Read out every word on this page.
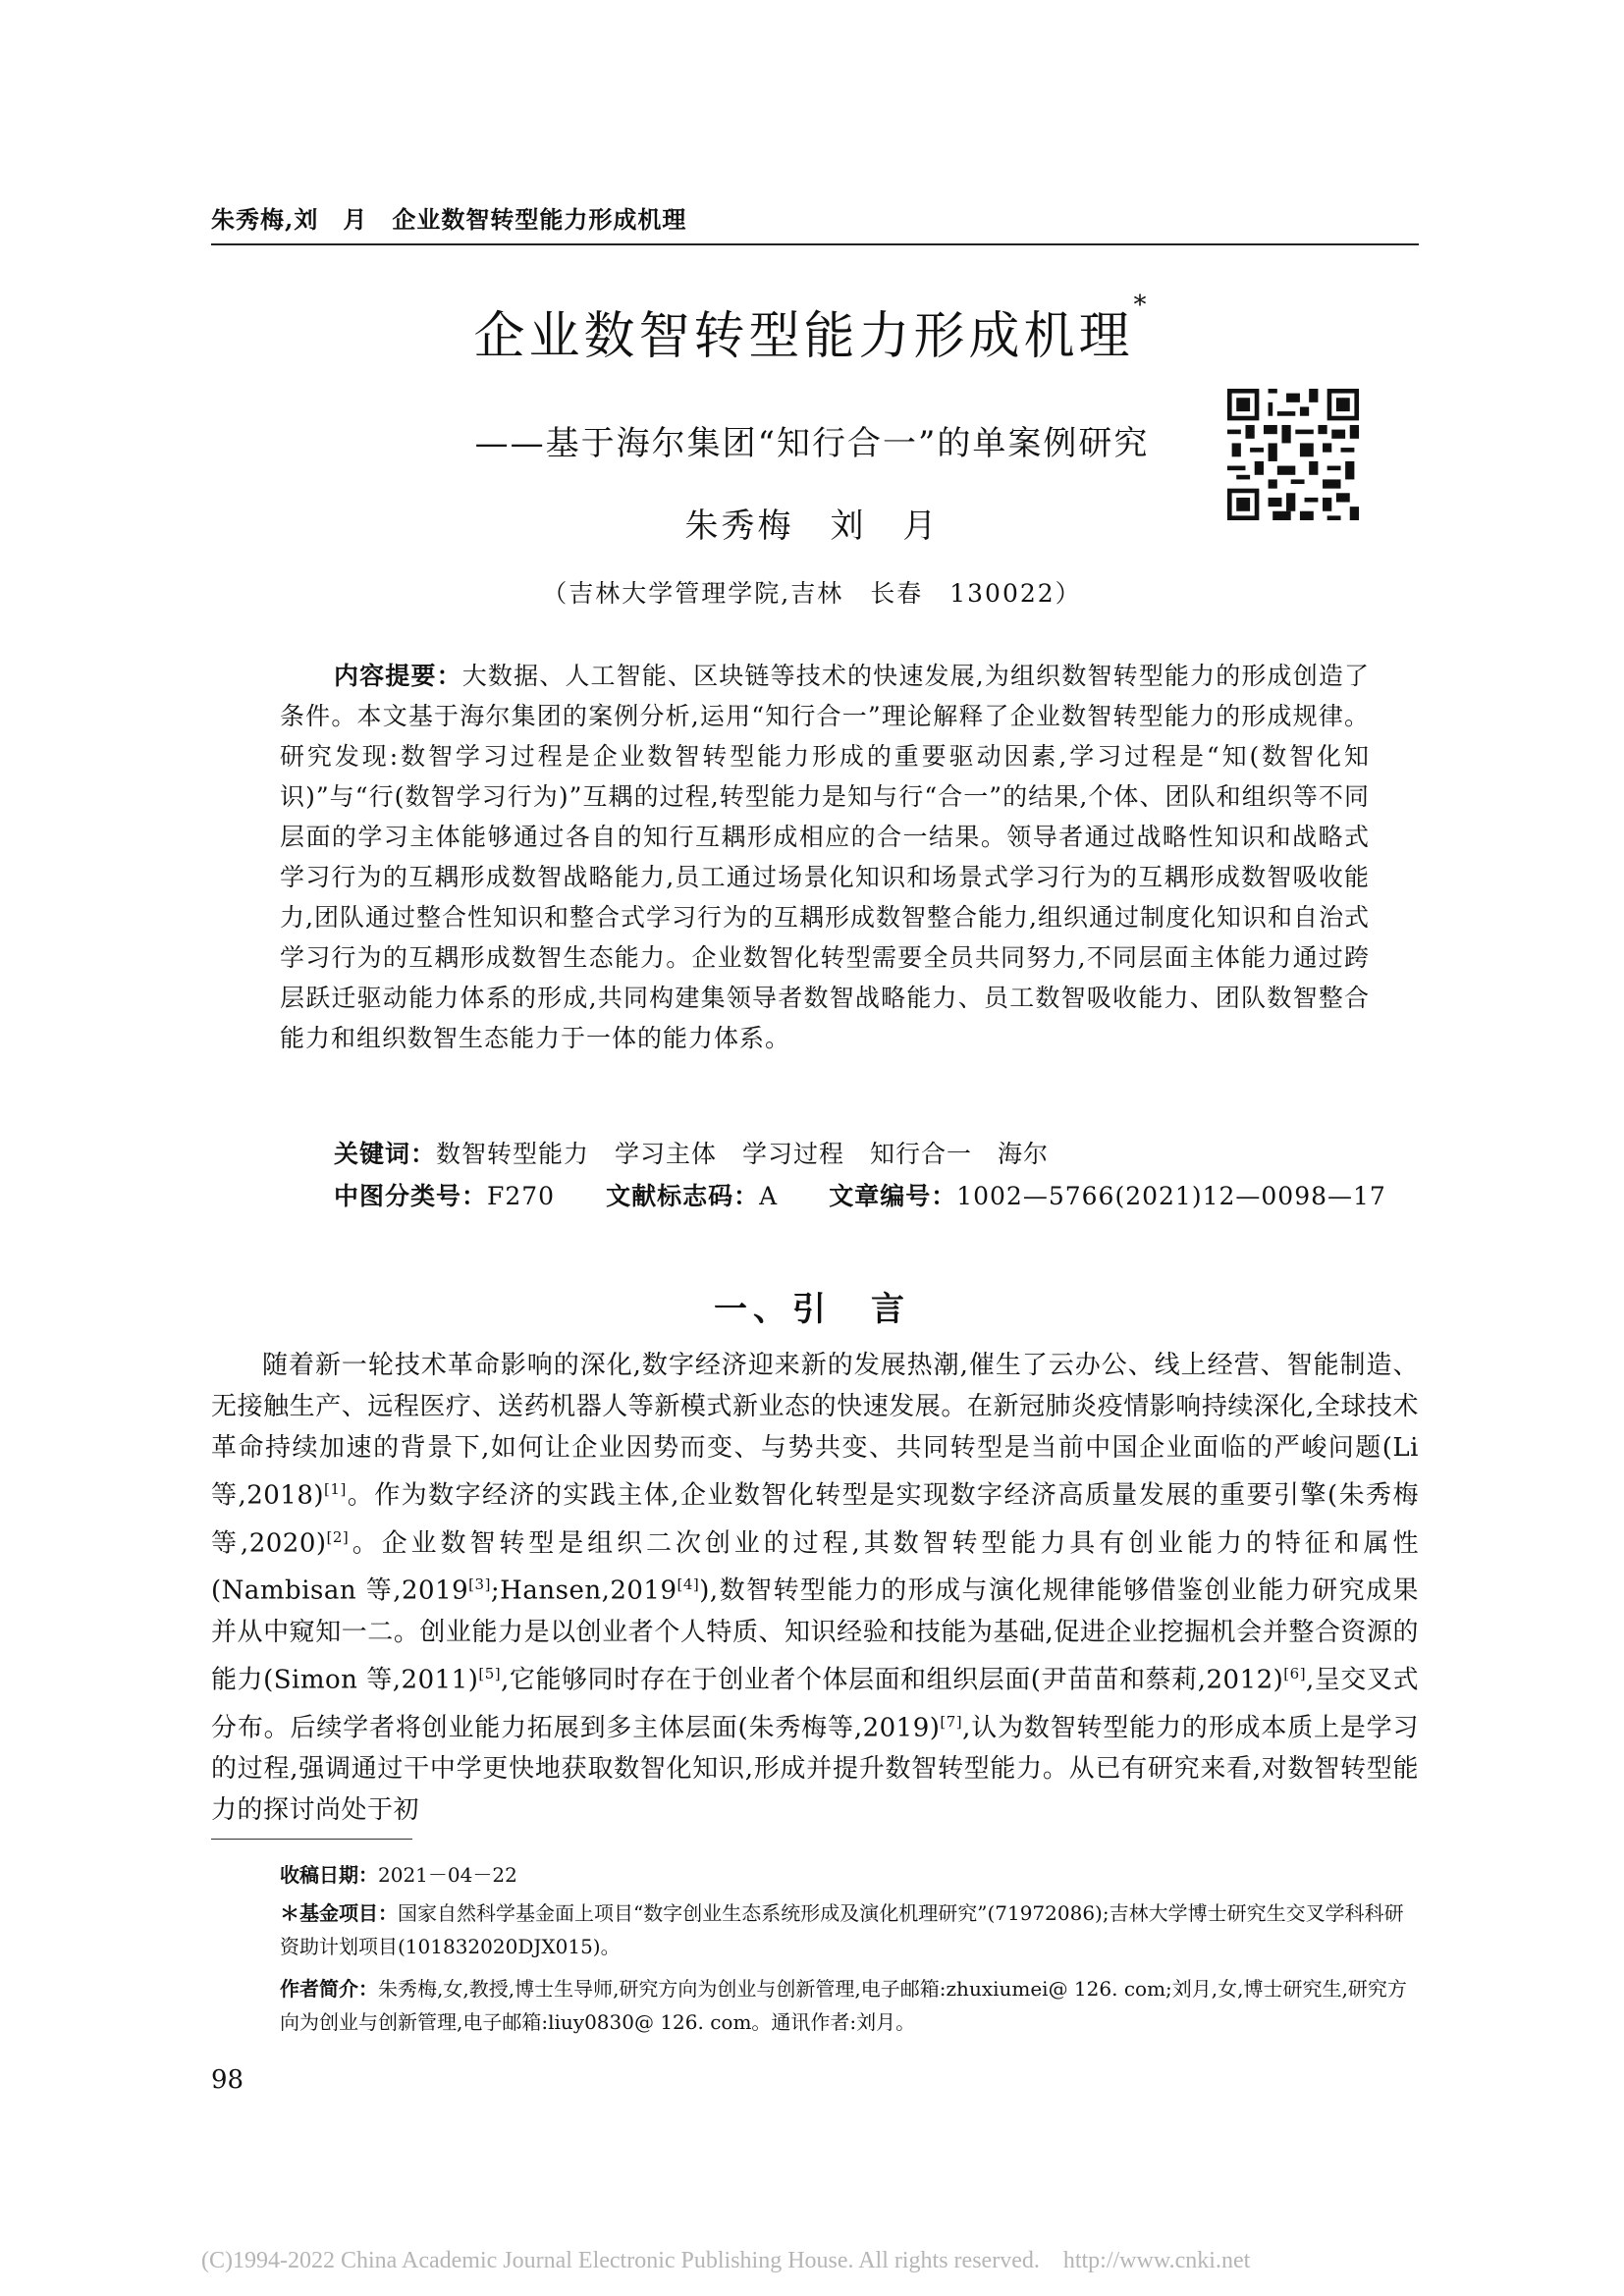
朱秀梅,刘　月　企业数智转型能力形成机理
企业数智转型能力形成机理*
——基于海尔集团“知行合一”的单案例研究
朱秀梅　刘　月
（吉林大学管理学院,吉林　长春　130022）
内容提要：大数据、人工智能、区块链等技术的快速发展,为组织数智转型能力的形成创造了条件。本文基于海尔集团的案例分析,运用“知行合一”理论解释了企业数智转型能力的形成规律。研究发现:数智学习过程是企业数智转型能力形成的重要驱动因素,学习过程是“知(数智化知识)”与“行(数智学习行为)”互耦的过程,转型能力是知与行“合一”的结果,个体、团队和组织等不同层面的学习主体能够通过各自的知行互耦形成相应的合一结果。领导者通过战略性知识和战略式学习行为的互耦形成数智战略能力,员工通过场景化知识和场景式学习行为的互耦形成数智吸收能力,团队通过整合性知识和整合式学习行为的互耦形成数智整合能力,组织通过制度化知识和自治式学习行为的互耦形成数智生态能力。企业数智化转型需要全员共同努力,不同层面主体能力通过跨层跃迁驱动能力体系的形成,共同构建集领导者数智战略能力、员工数智吸收能力、团队数智整合能力和组织数智生态能力于一体的能力体系。
关键词：数智转型能力　学习主体　学习过程　知行合一　海尔
中图分类号：F270　　 文献标志码：A　　 文章编号：1002—5766(2021)12—0098—17
一、引　言
随着新一轮技术革命影响的深化,数字经济迎来新的发展热潮,催生了云办公、线上经营、智能制造、无接触生产、远程医疗、送药机器人等新模式新业态的快速发展。在新冠肺炎疫情影响持续深化,全球技术革命持续加速的背景下,如何让企业因势而变、与势共变、共同转型是当前中国企业面临的严峻问题(Li 等,2018)[1]。作为数字经济的实践主体,企业数智化转型是实现数字经济高质量发展的重要引擎(朱秀梅等,2020)[2]。企业数智转型是组织二次创业的过程,其数智转型能力具有创业能力的特征和属性(Nambisan 等,2019[3];Hansen,2019[4]),数智转型能力的形成与演化规律能够借鉴创业能力研究成果并从中窥知一二。创业能力是以创业者个人特质、知识经验和技能为基础,促进企业挖掘机会并整合资源的能力(Simon 等,2011)[5],它能够同时存在于创业者个体层面和组织层面(尹苗苗和蔡莉,2012)[6],呈交叉式分布。后续学者将创业能力拓展到多主体层面(朱秀梅等,2019)[7],认为数智转型能力的形成本质上是学习的过程,强调通过干中学更快地获取数智化知识,形成并提升数智转型能力。从已有研究来看,对数智转型能力的探讨尚处于初
收稿日期：2021－04－22
＊基金项目：国家自然科学基金面上项目“数字创业生态系统形成及演化机理研究”(71972086);吉林大学博士研究生交叉学科科研资助计划项目(101832020DJX015)。
作者简介：朱秀梅,女,教授,博士生导师,研究方向为创业与创新管理,电子邮箱:zhuxiumei@ 126. com;刘月,女,博士研究生,研究方向为创业与创新管理,电子邮箱:liuy0830@ 126. com。通讯作者:刘月。
98
(C)1994-2022 China Academic Journal Electronic Publishing House. All rights reserved.    http://www.cnki.net
